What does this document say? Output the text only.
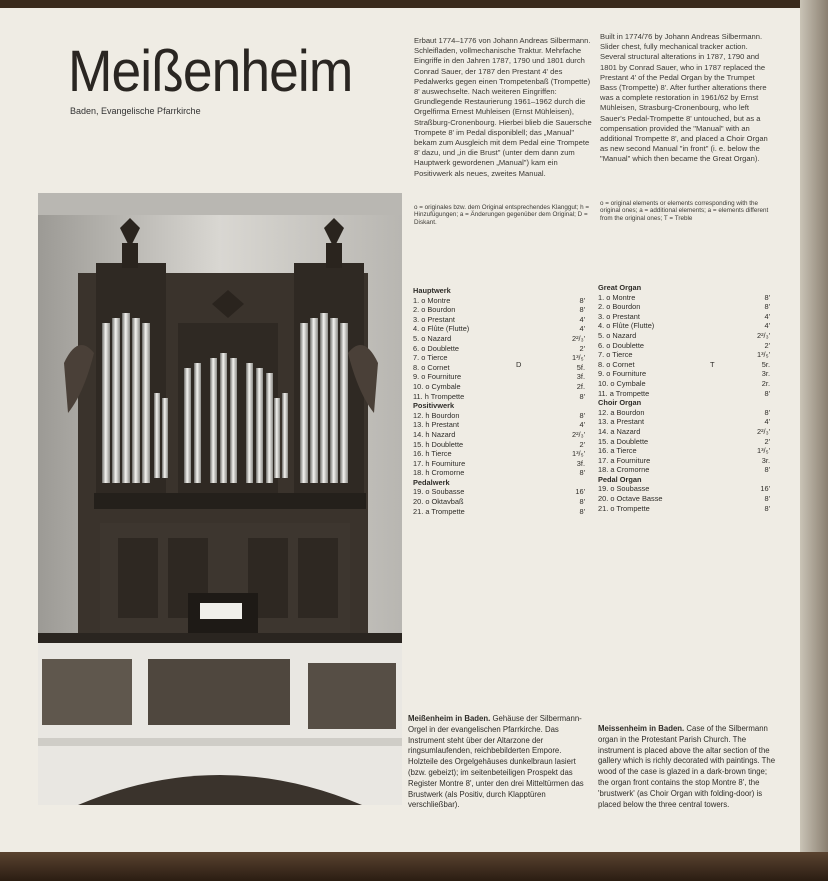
Meißenheim
Baden, Evangelische Pfarrkirche
Erbaut 1774–1776 von Johann Andreas Silbermann. Schleifladen, vollmechanische Traktur. Mehrfache Eingriffe in den Jahren 1787, 1790 und 1801 durch Conrad Sauer, der 1787 den Prestant 4' des Pedalwerks gegen einen Trompetenbaß (Trompette) 8' auswechselte. Nach weiteren Eingriffen: Grundlegende Restaurierung 1961–1962 durch die Orgelfirma Ernest Muhleisen (Ernst Mühleisen), Straßburg-Cronenbourg. Hierbei blieb die Sauersche Trompete 8' im Pedal disponiblell; das „Manual" bekam zum Ausgleich mit dem Pedal eine Trompete 8' dazu, und „in die Brust" (unter dem dann zum Hauptwerk gewordenen „Manual") kam ein Positivwerk als neues, zweites Manual.
Built in 1774/76 by Johann Andreas Silbermann. Slider chest, fully mechanical tracker action. Several structural alterations in 1787, 1790 and 1801 by Conrad Sauer, who in 1787 replaced the Prestant 4' of the Pedal Organ by the Trumpet Bass (Trompette) 8'. After further alterations there was a complete restoration in 1961/62 by Ernst Mühleisen, Strasburg-Cronenbourg, who left Sauer's Pedal-Trompette 8' untouched, but as a compensation provided the "Manual" with an additional Trompette 8', and placed a Choir Organ as new second Manual "in front" (i. e. below the "Manual" which then became the Great Organ).
o = originales bzw. dem Original entsprechendes Klanggut; h = Hinzufügungen; a = Änderungen gegenüber dem Original; D = Diskant.
o = original elements or elements corresponding with the original ones; a = additional elements; a = elements different from the original ones; T = Treble
Hauptwerk
1. o Montre	8'
2. o Bourdon	8'
3. o Prestant	4'
4. o Flûte (Flutte)	4'
5. o Nazard	2²/₃'
6. o Doublette	2'
7. o Tierce	1³/₅'
8. o Cornet	5f.
9. o Fourniture	3f.
10. o Cymbale	2f.
11. h Trompette	8'
Positivwerk
12. h Bourdon	8'
13. h Prestant	4'
14. h Nazard	2²/₃'
15. h Doublette	2'
16. h Tierce	1³/₅'
17. h Fourniture	3f.
18. h Cromorne	8'
Pedalwerk
19. o Soubasse	16'
20. o Oktavbaß	8'
21. a Trompette	8'
Great Organ
1. o Montre	8'
2. o Bourdon	8'
3. o Prestant	4'
4. o Flûte (Flutte)	4'
5. o Nazard	2²/₃'
6. o Doublette	2'
7. o Tierce	1³/₅'
8. o Cornet	5r.
9. o Fourniture	3r.
10. o Cymbale	2r.
11. a Trompette	8'
Choir Organ
12. a Bourdon	8'
13. a Prestant	4'
14. a Nazard	2²/₃'
15. a Doublette	2'
16. a Tierce	1³/₅'
17. a Fourniture	3r.
18. a Cromorne	8'
Pedal Organ
19. o Soubasse	16'
20. o Octave Basse	8'
21. o Trompette	8'
D	T
Meißenheim in Baden. Gehäuse der Silbermann-Orgel in der evangelischen Pfarrkirche. Das Instrument steht über der Altarzone der ringsumlaufenden, reichbebilderten Empore. Holzteile des Orgelgehäuses dunkelbraun lasiert (bzw. gebeizt); im seitenbeteiligen Prospekt das Register Montre 8', unter den drei Mitteltürmen das Brustwerk (als Positiv, durch Klapptüren verschließbar).
Meissenheim in Baden. Case of the Silbermann organ in the Protestant Parish Church. The instrument is placed above the altar section of the gallery which is richly decorated with paintings. The wood of the case is glazed in a dark-brown tinge; the organ front contains the stop Montre 8', the 'brustwerk' (as Choir Organ with folding-door) is placed below the three central towers.
